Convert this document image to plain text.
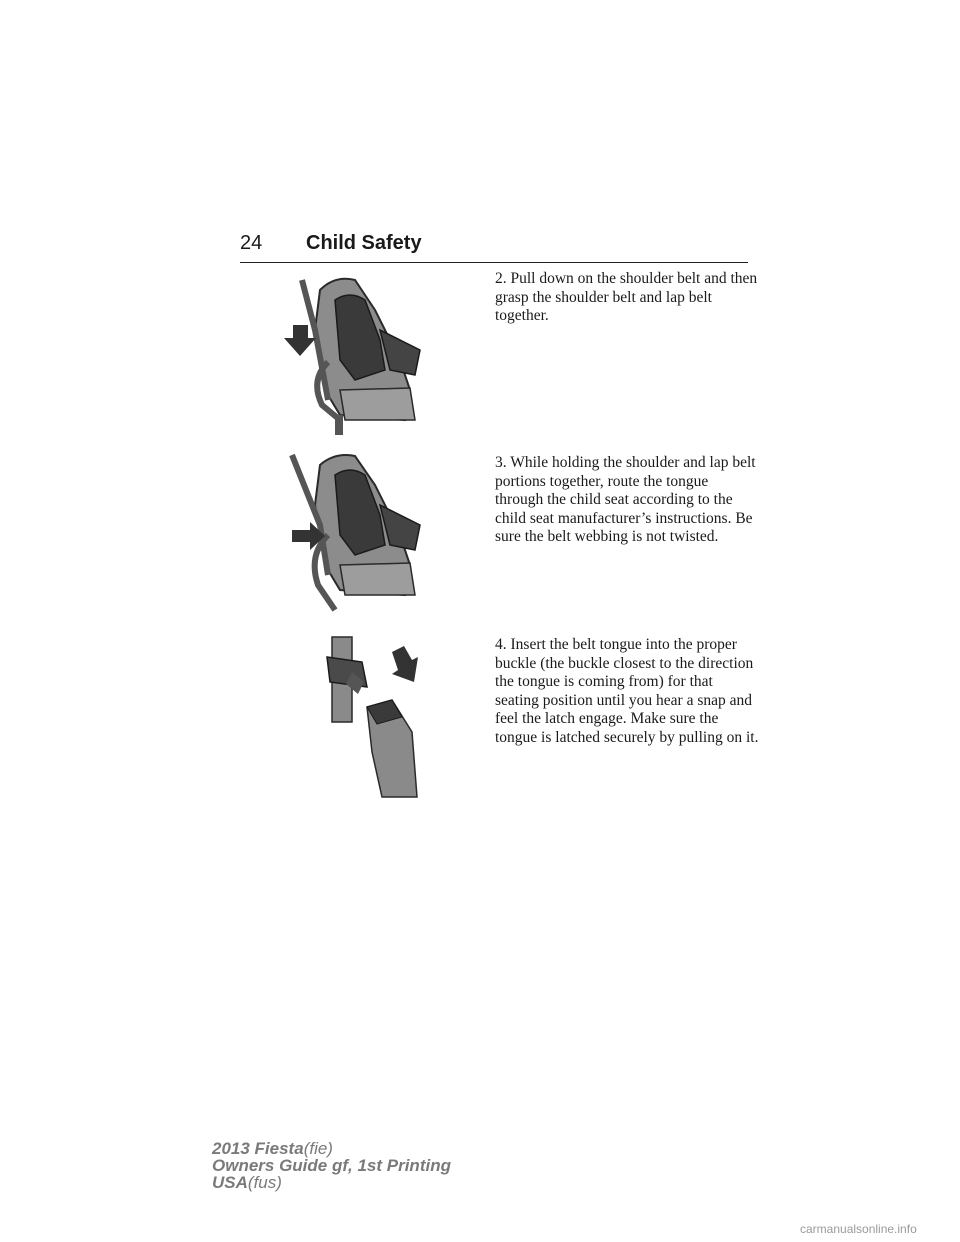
24 Child Safety
2. Pull down on the shoulder belt and then grasp the shoulder belt and lap belt together.
3. While holding the shoulder and lap belt portions together, route the tongue through the child seat according to the child seat manufacturer’s instructions. Be sure the belt webbing is not twisted.
4. Insert the belt tongue into the proper buckle (the buckle closest to the direction the tongue is coming from) for that seating position until you hear a snap and feel the latch engage. Make sure the tongue is latched securely by pulling on it.
2013 Fiesta(fie)
Owners Guide gf, 1st Printing
USA(fus)
carmanualsonline.info
